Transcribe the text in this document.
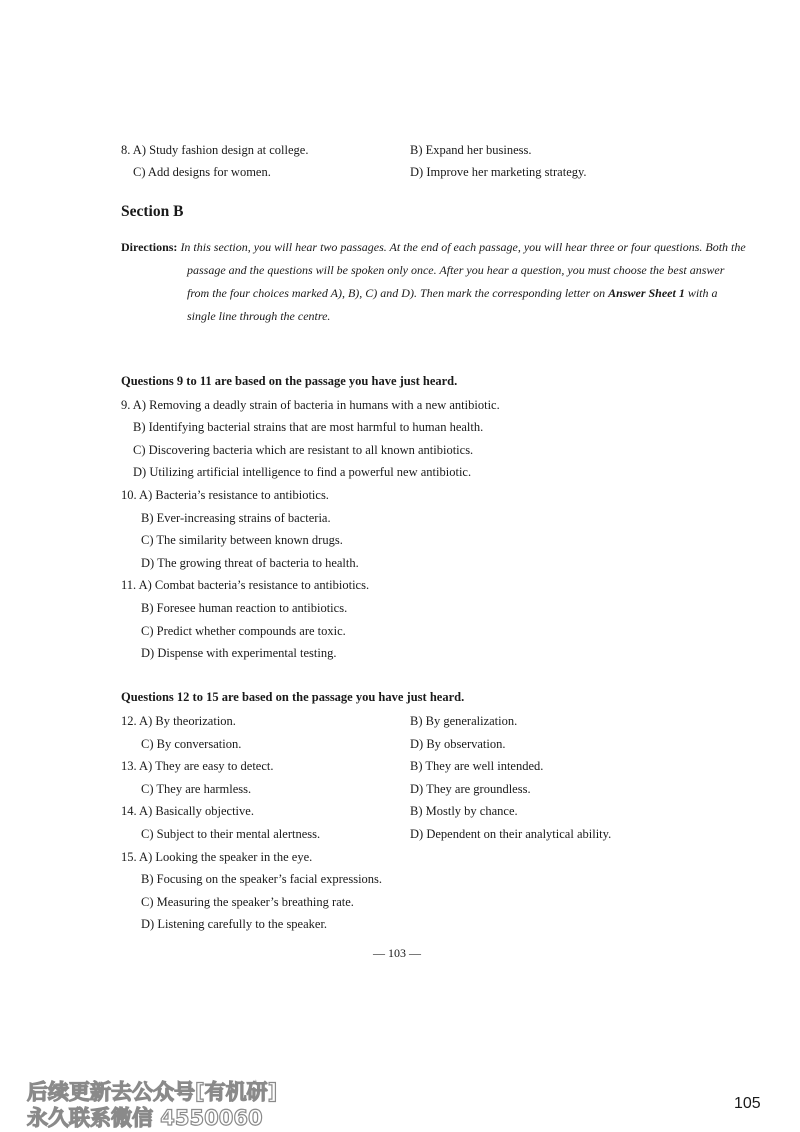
8. A) Study fashion design at college.	B) Expand her business.
C) Add designs for women.	D) Improve her marketing strategy.
Section B
Directions: In this section, you will hear two passages. At the end of each passage, you will hear three or four questions. Both the passage and the questions will be spoken only once. After you hear a question, you must choose the best answer from the four choices marked A), B), C) and D). Then mark the corresponding letter on Answer Sheet 1 with a single line through the centre.
Questions 9 to 11 are based on the passage you have just heard.
9. A) Removing a deadly strain of bacteria in humans with a new antibiotic.
B) Identifying bacterial strains that are most harmful to human health.
C) Discovering bacteria which are resistant to all known antibiotics.
D) Utilizing artificial intelligence to find a powerful new antibiotic.
10. A) Bacteria’s resistance to antibiotics.
B) Ever-increasing strains of bacteria.
C) The similarity between known drugs.
D) The growing threat of bacteria to health.
11. A) Combat bacteria’s resistance to antibiotics.
B) Foresee human reaction to antibiotics.
C) Predict whether compounds are toxic.
D) Dispense with experimental testing.
Questions 12 to 15 are based on the passage you have just heard.
12. A) By theorization.	B) By generalization.
C) By conversation.	D) By observation.
13. A) They are easy to detect.	B) They are well intended.
C) They are harmless.	D) They are groundless.
14. A) Basically objective.	B) Mostly by chance.
C) Subject to their mental alertness.	D) Dependent on their analytical ability.
15. A) Looking the speaker in the eye.
B) Focusing on the speaker’s facial expressions.
C) Measuring the speaker’s breathing rate.
D) Listening carefully to the speaker.
— 103 —
后续更新去公众号[有机研]
永久联系微信 4550060
105
